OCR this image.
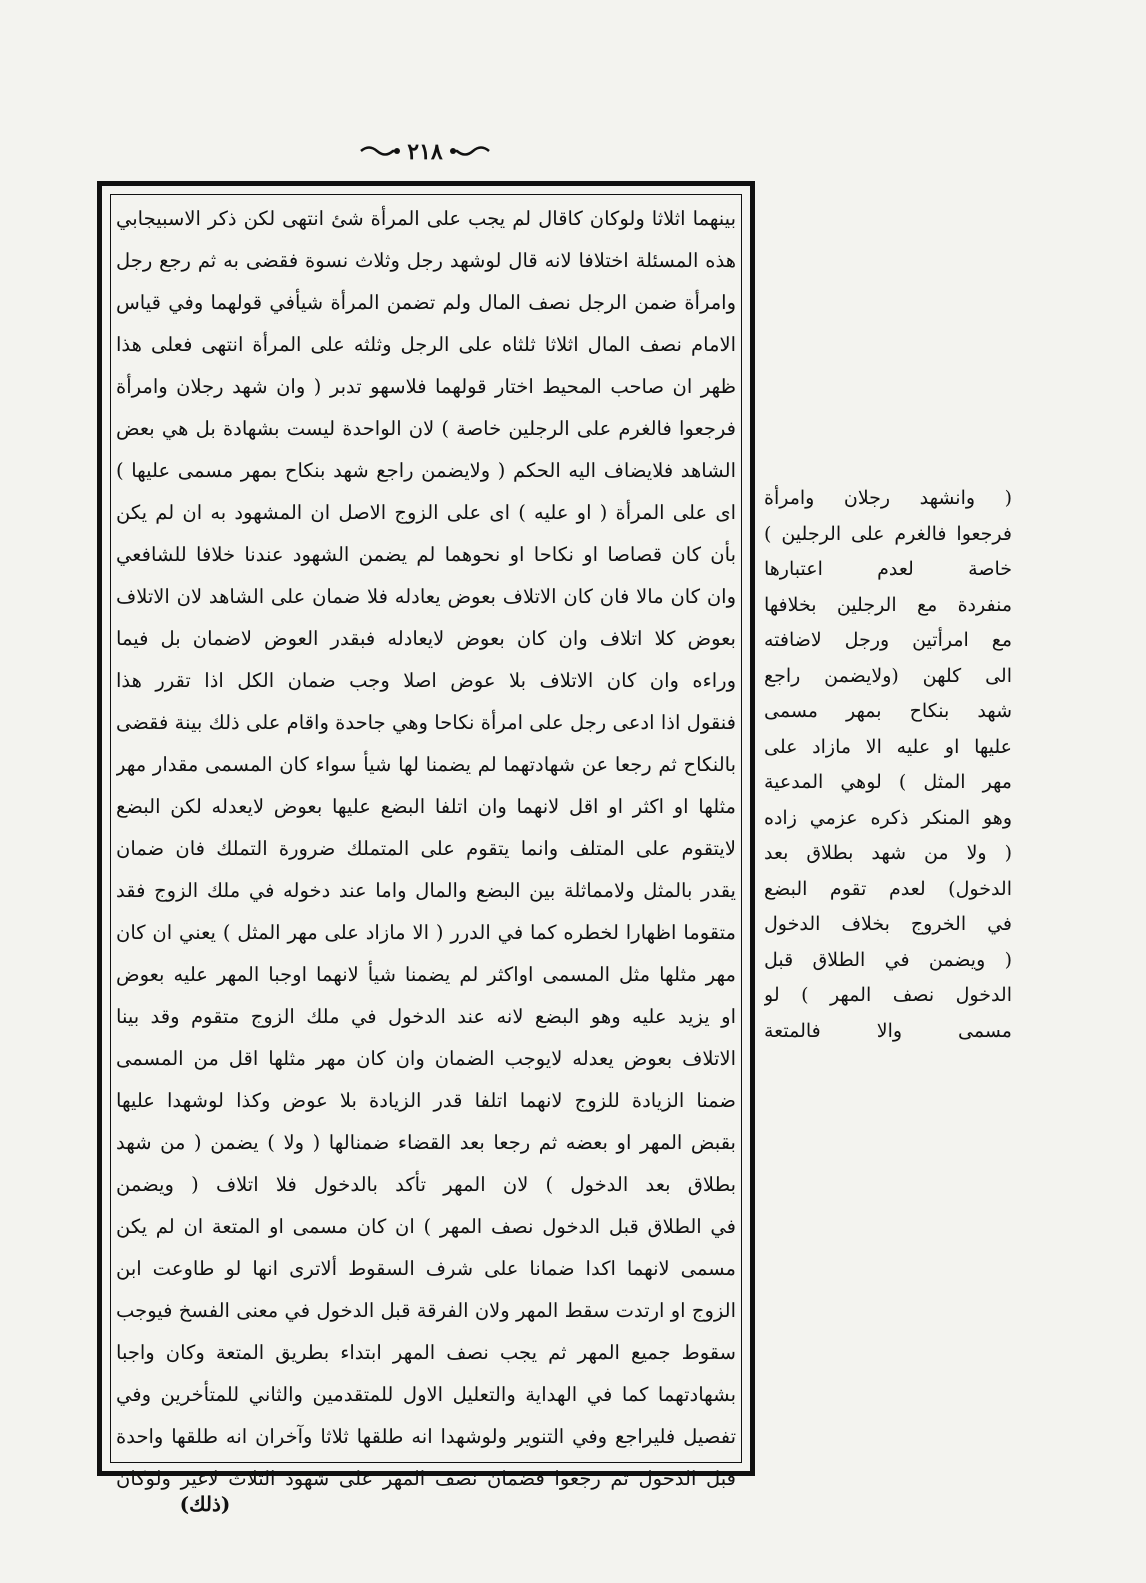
٢١٨
بينهما اثلاثا ولوكان كاقال لم يجب على المرأة شئ انتهى لكن ذكر الاسبيجابي
هذه المسئلة اختلافا لانه قال لوشهد رجل وثلاث نسوة فقضى به ثم رجع رجل
وامرأة ضمن الرجل نصف المال ولم تضمن المرأة شيأفي قولهما وفي قياس
الامام نصف المال اثلاثا ثلثاه على الرجل وثلثه على المرأة انتهى فعلى هذا
ظهر ان صاحب المحيط اختار قولهما فلاسهو تدبر ( وان شهد رجلان وامرأة
فرجعوا فالغرم على الرجلين خاصة ) لان الواحدة ليست بشهادة بل هي بعض
الشاهد فلايضاف اليه الحكم ( ولايضمن راجع شهد بنكاح بمهر مسمى عليها )
اى على المرأة ( او عليه ) اى على الزوج الاصل ان المشهود به ان لم يكن
بأن كان قصاصا او نكاحا او نحوهما لم يضمن الشهود عندنا خلافا للشافعي
وان كان مالا فان كان الاتلاف بعوض يعادله فلا ضمان على الشاهد لان الاتلاف
بعوض كلا اتلاف وان كان بعوض لايعادله فبقدر العوض لاضمان بل فيما
وراءه وان كان الاتلاف بلا عوض اصلا وجب ضمان الكل اذا تقرر هذا
فنقول اذا ادعى رجل على امرأة نكاحا وهي جاحدة واقام على ذلك بينة فقضى
بالنكاح ثم رجعا عن شهادتهما لم يضمنا لها شيأ سواء كان المسمى مقدار مهر
مثلها او اكثر او اقل لانهما وان اتلفا البضع عليها بعوض لايعدله لكن البضع
لايتقوم على المتلف وانما يتقوم على المتملك ضرورة التملك فان ضمان
يقدر بالمثل ولامماثلة بين البضع والمال واما عند دخوله في ملك الزوج فقد
متقوما اظهارا لخطره كما في الدرر ( الا مازاد على مهر المثل ) يعني ان كان
مهر مثلها مثل المسمى اواكثر لم يضمنا شيأ لانهما اوجبا المهر عليه بعوض
او يزيد عليه وهو البضع لانه عند الدخول في ملك الزوج متقوم وقد بينا
الاتلاف بعوض يعدله لايوجب الضمان وان كان مهر مثلها اقل من المسمى
ضمنا الزيادة للزوج لانهما اتلفا قدر الزيادة بلا عوض وكذا لوشهدا عليها
بقبض المهر او بعضه ثم رجعا بعد القضاء ضمنالها ( ولا ) يضمن ( من شهد
بطلاق بعد الدخول ) لان المهر تأكد بالدخول فلا اتلاف ( ويضمن
في الطلاق قبل الدخول نصف المهر ) ان كان مسمى او المتعة ان لم يكن
مسمى لانهما اكدا ضمانا على شرف السقوط ألاترى انها لو طاوعت ابن
الزوج او ارتدت سقط المهر ولان الفرقة قبل الدخول في معنى الفسخ فيوجب
سقوط جميع المهر ثم يجب نصف المهر ابتداء بطريق المتعة وكان واجبا
بشهادتهما كما في الهداية والتعليل الاول للمتقدمين والثاني للمتأخرين وفي
تفصيل فليراجع وفي التنوير ولوشهدا انه طلقها ثلاثا وآخران انه طلقها واحدة
قبل الدخول ثم رجعوا فضمان نصف المهر على شهود الثلاث لاغير ولوكان
( وانشهد رجلان وامرأة
فرجعوا فالغرم على الرجلين )
خاصة لعدم اعتبارها
منفردة مع الرجلين بخلافها
مع امرأتين ورجل لاضافته
الى كلهن (ولايضمن راجع
شهد بنكاح بمهر مسمى
عليها او عليه الا مازاد على
مهر المثل ) لوهي المدعية
وهو المنكر ذكره عزمي زاده
( ولا من شهد بطلاق بعد
الدخول) لعدم تقوم البضع
في الخروج بخلاف الدخول
( ويضمن في الطلاق قبل
الدخول نصف المهر ) لو
مسمى والا فالمتعة
(ذلك)
